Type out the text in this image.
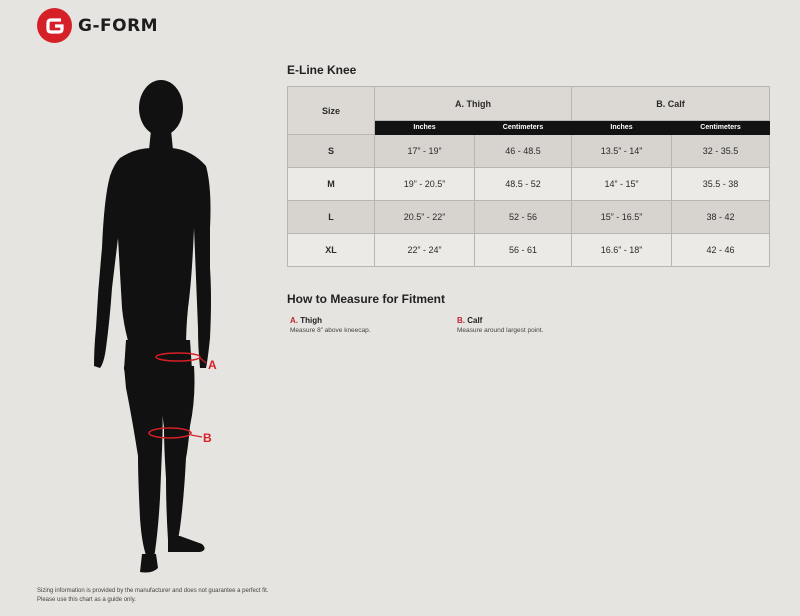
G-FORM
A
B
E-Line Knee
Size	A. Thigh		B. Calf	
	Inches	Centimeters	Inches	Centimeters
S	17” - 19”	46 - 48.5	13.5” - 14”	32 - 35.5
M	19” - 20.5”	48.5 - 52	14” - 15”	35.5 - 38
L	20.5” - 22”	52 - 56	15” - 16.5”	38 - 42
XL	22” - 24”	56 - 61	16.6” - 18”	42 - 46
How to Measure for Fitment
A. Thigh
Measure 8” above kneecap.
B. Calf
Measure around largest point.
Sizing information is provided by the manufacturer and does not guarantee a perfect fit.
Please use this chart as a guide only.
